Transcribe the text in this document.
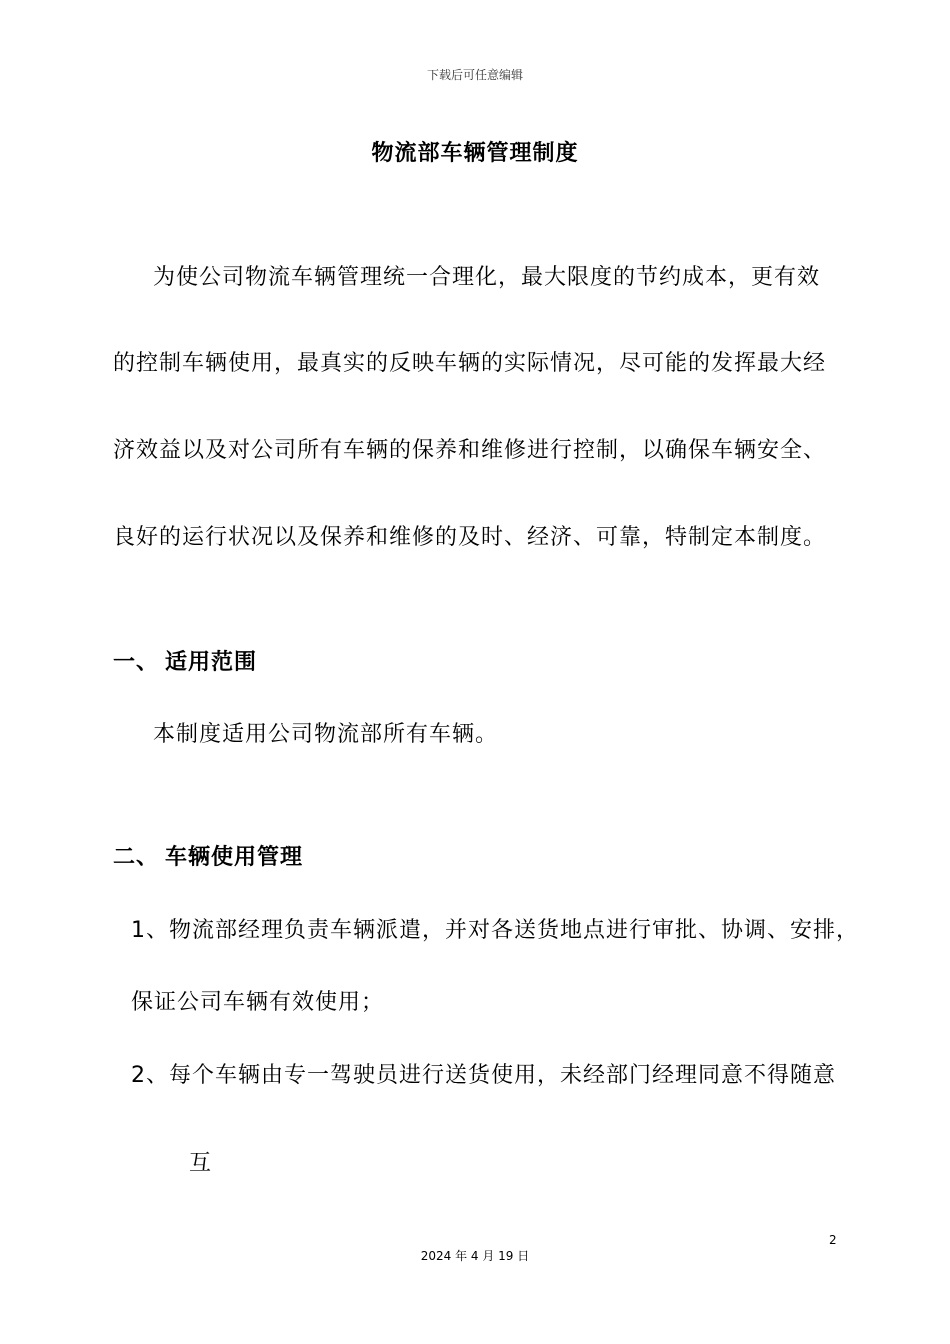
下载后可任意编辑
物流部车辆管理制度
为使公司物流车辆管理统一合理化，最大限度的节约成本，更有效
的控制车辆使用，最真实的反映车辆的实际情况，尽可能的发挥最大经
济效益以及对公司所有车辆的保养和维修进行控制，以确保车辆安全、
良好的运行状况以及保养和维修的及时、经济、可靠，特制定本制度。
一、 适用范围
本制度适用公司物流部所有车辆。
二、 车辆使用管理
1、物流部经理负责车辆派遣，并对各送货地点进行审批、协调、安排，
保证公司车辆有效使用；
2、每个车辆由专一驾驶员进行送货使用，未经部门经理同意不得随意
互
2
2024 年 4 月 19 日
